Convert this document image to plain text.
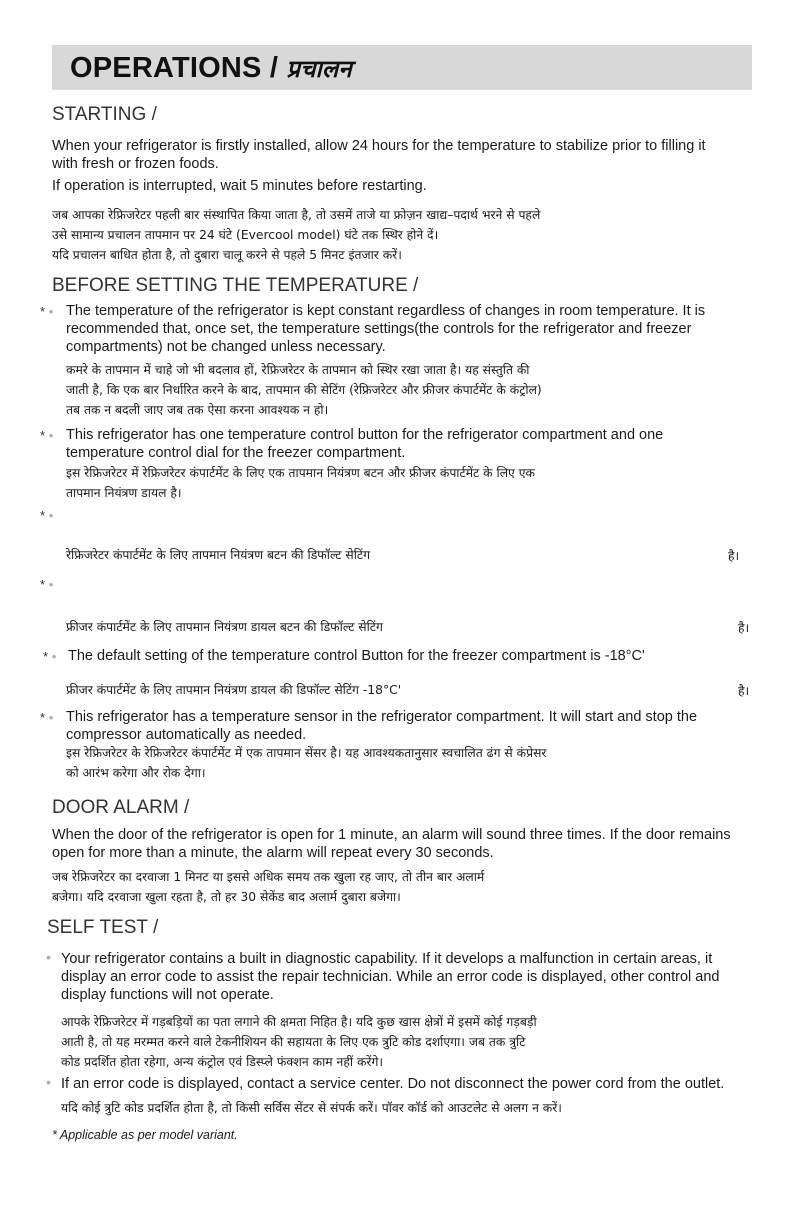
OPERATIONS / प्रचालन
STARTING /
When your refrigerator is firstly installed, allow 24 hours for the temperature to stabilize prior to filling it
with fresh or frozen foods.
If operation is interrupted, wait 5 minutes before restarting.
जब आपका रेफ्रिजरेटर पहली बार संस्थापित किया जाता है, तो उसमें ताजे या फ्रोज़न खाद्य–पदार्थ भरने से पहले
उसे सामान्य प्रचालन तापमान पर 24 घंटे (Evercool model) घंटे तक स्थिर होने दें।
यदि प्रचालन बाधित होता है, तो दुबारा चालू करने से पहले 5 मिनट इंतजार करें।
BEFORE SETTING THE TEMPERATURE /
* • The temperature of the refrigerator is kept constant regardless of changes in room temperature. It is
recommended that, once set, the temperature settings(the controls for the refrigerator and freezer
compartments) not be changed unless necessary.
कमरे के तापमान में चाहे जो भी बदलाव हों, रेफ्रिजरेटर के तापमान को स्थिर रखा जाता है। यह संस्तुति की
जाती है, कि एक बार निर्धारित करने के बाद, तापमान की सेटिंग (रेफ्रिजरेटर और फ्रीजर कंपार्टमेंट के कंट्रोल)
तब तक न बदली जाए जब तक ऐसा करना आवश्यक न हो।
* • This refrigerator has one temperature control button for the refrigerator compartment and one
temperature control dial for the freezer compartment.
इस रेफ्रिजरेटर में रेफ्रिजरेटर कंपार्टमेंट के लिए एक तापमान नियंत्रण बटन और फ्रीजर कंपार्टमेंट के लिए एक
तापमान नियंत्रण डायल है।
* •
रेफ्रिजरेटर कंपार्टमेंट के लिए तापमान नियंत्रण बटन की डिफॉल्ट सेटिंग	है।
* •
फ्रीजर कंपार्टमेंट के लिए तापमान नियंत्रण डायल बटन की डिफॉल्ट सेटिंग	है।
* • The default setting of the temperature control Button for the freezer compartment is -18°C'
फ्रीजर कंपार्टमेंट के लिए तापमान नियंत्रण डायल की डिफॉल्ट सेटिंग -18°C'	है।
* • This refrigerator has a temperature sensor in the refrigerator compartment. It will start and stop the
compressor automatically as needed.
इस रेफ्रिजरेटर के रेफ्रिजरेटर कंपार्टमेंट में एक तापमान सेंसर है। यह आवश्यकतानुसार स्वचालित ढंग से कंप्रेसर
को आरंभ करेगा और रोक देगा।
DOOR ALARM /
When the door of the refrigerator is open for 1 minute, an alarm will sound three times. If the door remains
open for more than a minute, the alarm will repeat every 30 seconds.
जब रेफ्रिजरेटर का दरवाजा 1 मिनट या इससे अधिक समय तक खुला रह जाए, तो तीन बार अलार्म
बजेगा। यदि दरवाजा खुला रहता है, तो हर 30 सेकेंड बाद अलार्म दुबारा बजेगा।
SELF TEST /
• Your refrigerator contains a built in diagnostic capability. If it develops a malfunction in certain areas, it
display an error code to assist the repair technician. While an error code is displayed, other control and
display functions will not operate.
आपके रेफ्रिजरेटर में गड़बड़ियों का पता लगाने की क्षमता निहित है। यदि कुछ खास क्षेत्रों में इसमें कोई गड़बड़ी
आती है, तो यह मरम्मत करने वाले टेकनीशियन की सहायता के लिए एक त्रुटि कोड दर्शाएगा। जब तक त्रुटि
कोड प्रदर्शित होता रहेगा, अन्य कंट्रोल एवं डिस्प्ले फंक्शन काम नहीं करेंगे।
• If an error code is displayed, contact a service center. Do not disconnect the power cord from the outlet.
यदि कोई त्रुटि कोड प्रदर्शित होता है, तो किसी सर्विस सेंटर से संपर्क करें। पॉवर कॉर्ड को आउटलेट से अलग न करें।
* Applicable as per model variant.
